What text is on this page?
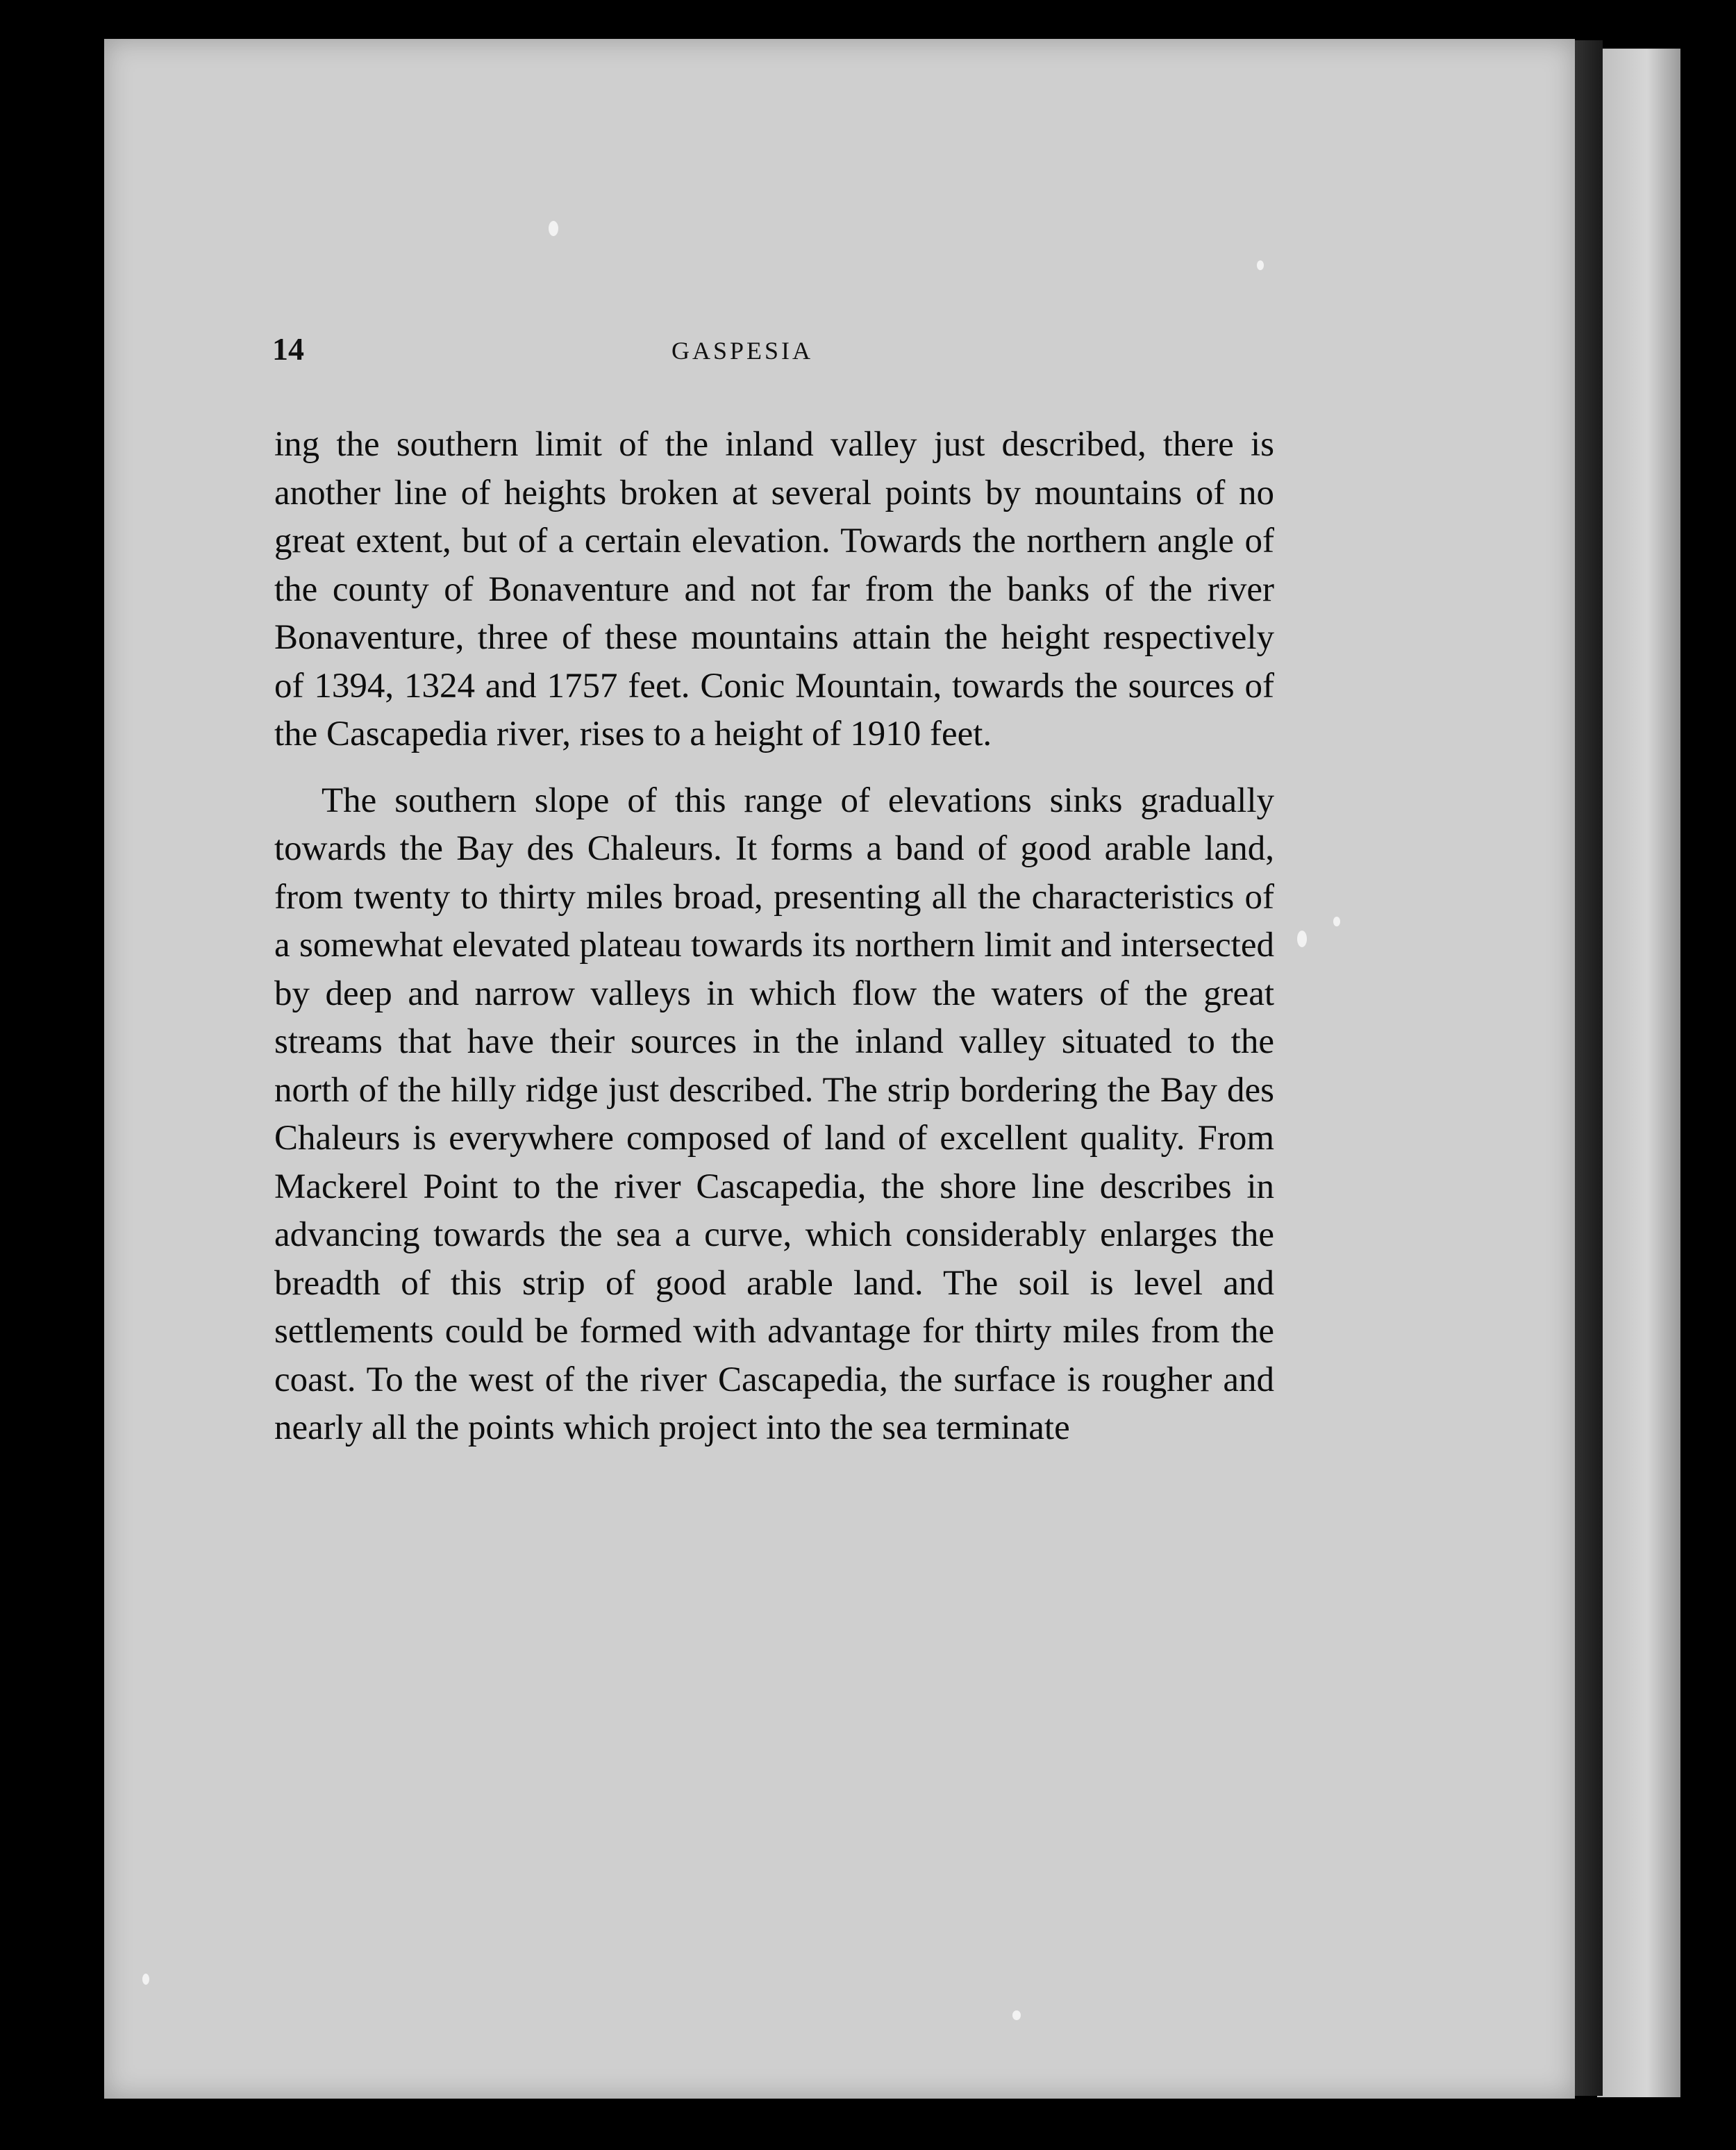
14	GASPESIA

ing the southern limit of the inland valley just described, there is another line of heights broken at several points by mountains of no great extent, but of a certain elevation. Towards the northern angle of the county of Bonaventure and not far from the banks of the river Bonaventure, three of these mountains attain the height respectively of 1394, 1324 and 1757 feet. Conic Mountain, towards the sources of the Cascapedia river, rises to a height of 1910 feet.

The southern slope of this range of elevations sinks gradually towards the Bay des Chaleurs. It forms a band of good arable land, from twenty to thirty miles broad, presenting all the characteristics of a somewhat elevated plateau towards its northern limit and intersected by deep and narrow valleys in which flow the waters of the great streams that have their sources in the inland valley situated to the north of the hilly ridge just described. The strip bordering the Bay des Chaleurs is everywhere composed of land of excellent quality. From Mackerel Point to the river Cascapedia, the shore line describes in advancing towards the sea a curve, which considerably enlarges the breadth of this strip of good arable land. The soil is level and settlements could be formed with advantage for thirty miles from the coast. To the west of the river Cascapedia, the surface is rougher and nearly all the points which project into the sea terminate
